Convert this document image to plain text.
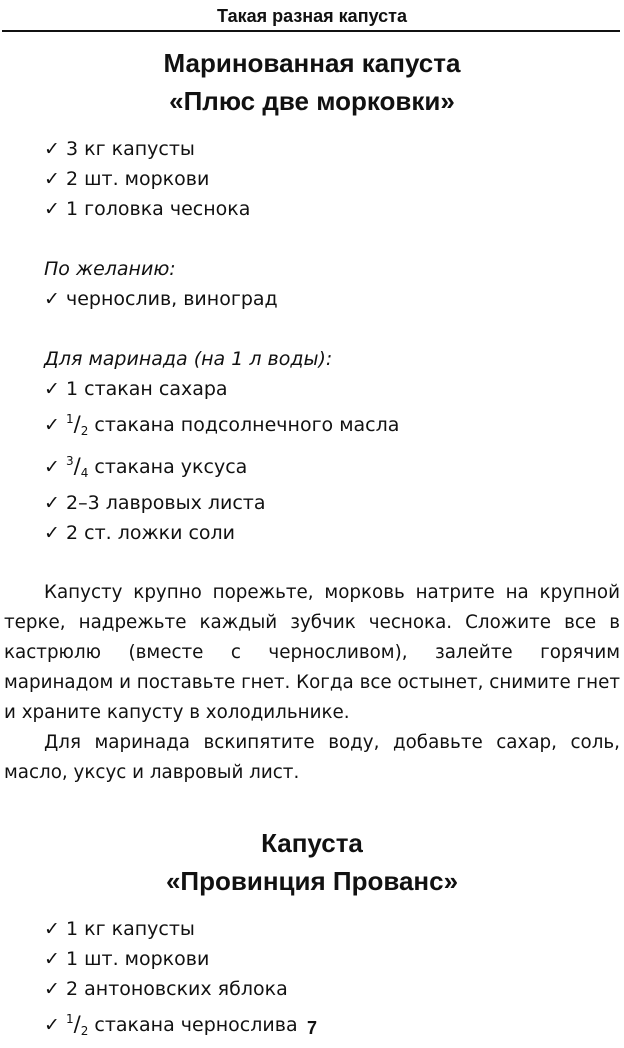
Такая разная капуста
Маринованная капуста
«Плюс две морковки»
✓ 3 кг капусты
✓ 2 шт. моркови
✓ 1 головка чеснока
По желанию:
✓ чернослив, виноград
Для маринада (на 1 л воды):
✓ 1 стакан сахара
✓ $^1/_2$ стакана подсолнечного масла
✓ $^3/_4$ стакана уксуса
✓ 2–3 лавровых листа
✓ 2 ст. ложки соли

Капусту крупно порежьте, морковь натрите на крупной терке, надрежьте каждый зубчик чеснока. Сложите все в кастрюлю (вместе с черносливом), залейте горячим маринадом и поставьте гнет. Когда все остынет, снимите гнет и храните капусту в холодильнике.

Для маринада вскипятите воду, добавьте сахар, соль, масло, уксус и лавровый лист.

Капуста
«Провинция Прованс»
✓ 1 кг капусты
✓ 1 шт. моркови
✓ 2 антоновских яблока
✓ $^1/_2$ стакана чернослива 7
